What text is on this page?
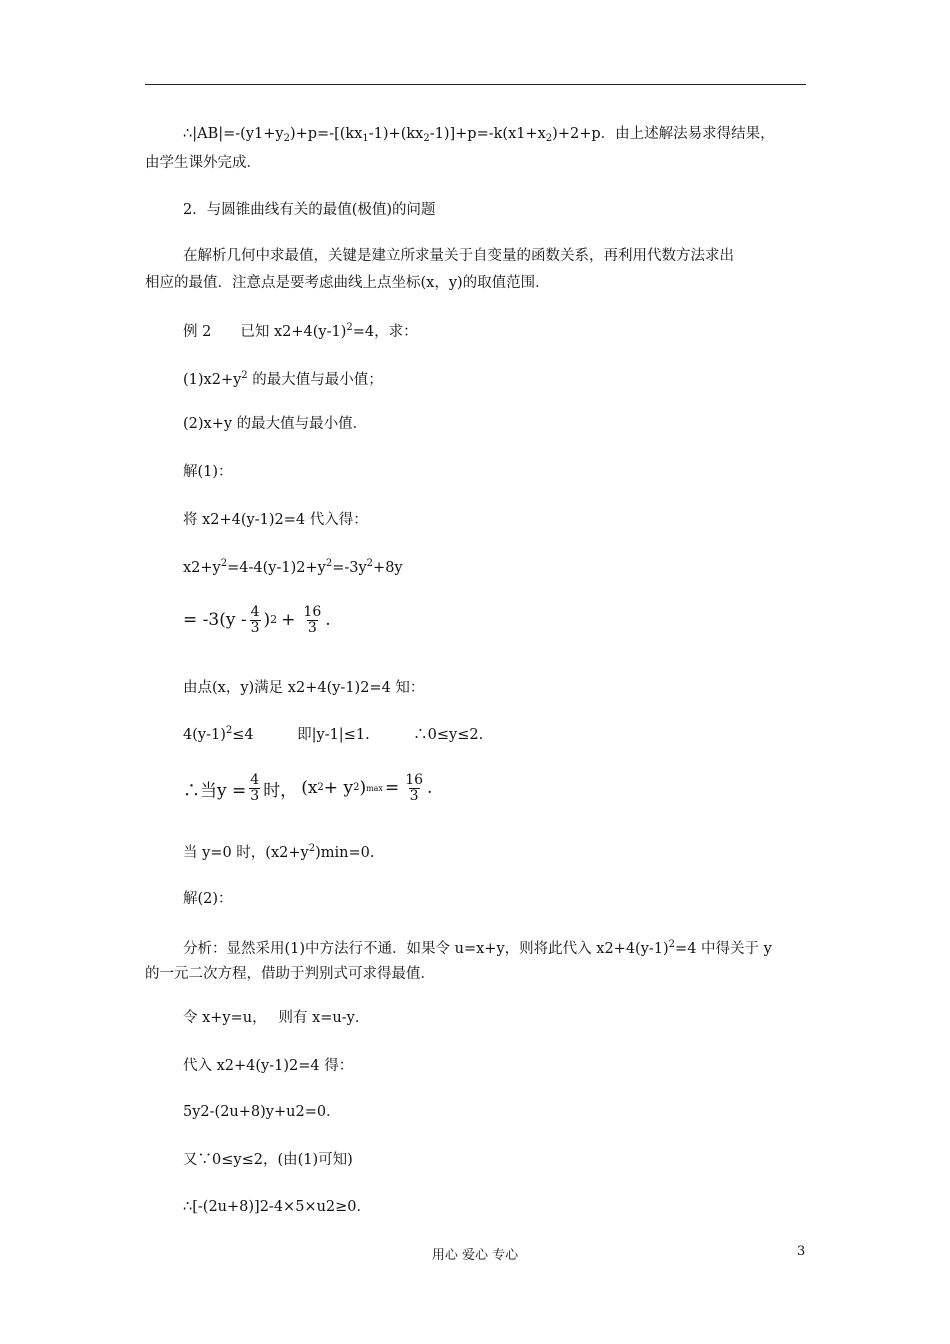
$\therefore|AB|=-(y1+y_2)+p=-[(kx_1-1)+(kx_2-1)]+p=-k(x1+x_2)+2+p$．由上述解法易求得结果，
由学生课外完成．
2．与圆锥曲线有关的最值(极值)的问题
在解析几何中求最值，关键是建立所求量关于自变量的函数关系，再利用代数方法求出
相应的最值．注意点是要考虑曲线上点坐标(x，y)的取值范围．
例 2　　已知 $x2+4(y-1)^2=4$，求：
$(1)x2+y^2$ 的最大值与最小值；
(2)x+y 的最大值与最小值．
解(1)：
将 x2+4(y-1)2=4 代入得：
$x2+y^2=4-4(y-1)2+y^2=-3y^2+8y$
= $-3(y - \frac{4}{3}$ ) $2 + \frac{16}{3}$ .
由点(x，y)满足 x2+4(y-1)2=4 知：
$4(y-1)^2\le 4$　　　即|y-1|≤1.　　　∴0≤y≤2.
∴当$y = \frac{4}{3}$ 时， (x 2 + y 2 ) $\max = \frac{16}{3}$ .
当 y=0 时，$(x2+y^2)\min=0$.
解(2)：
分析：显然采用(1)中方法行不通．如果令 u=x+y，则将此代入 $x2+4(y-1)^2=4$ 中得关于 y
的一元二次方程，借助于判别式可求得最值．
令 x+y=u，　 则有 x=u-y．
代入 x2+4(y-1)2=4 得：
5y2-(2u+8)y+u2=0．
又∵0≤y≤2，(由(1)可知)
∴[-(2u+8)]2-4×5×u2≥0．
用心 爱心 专心	3
